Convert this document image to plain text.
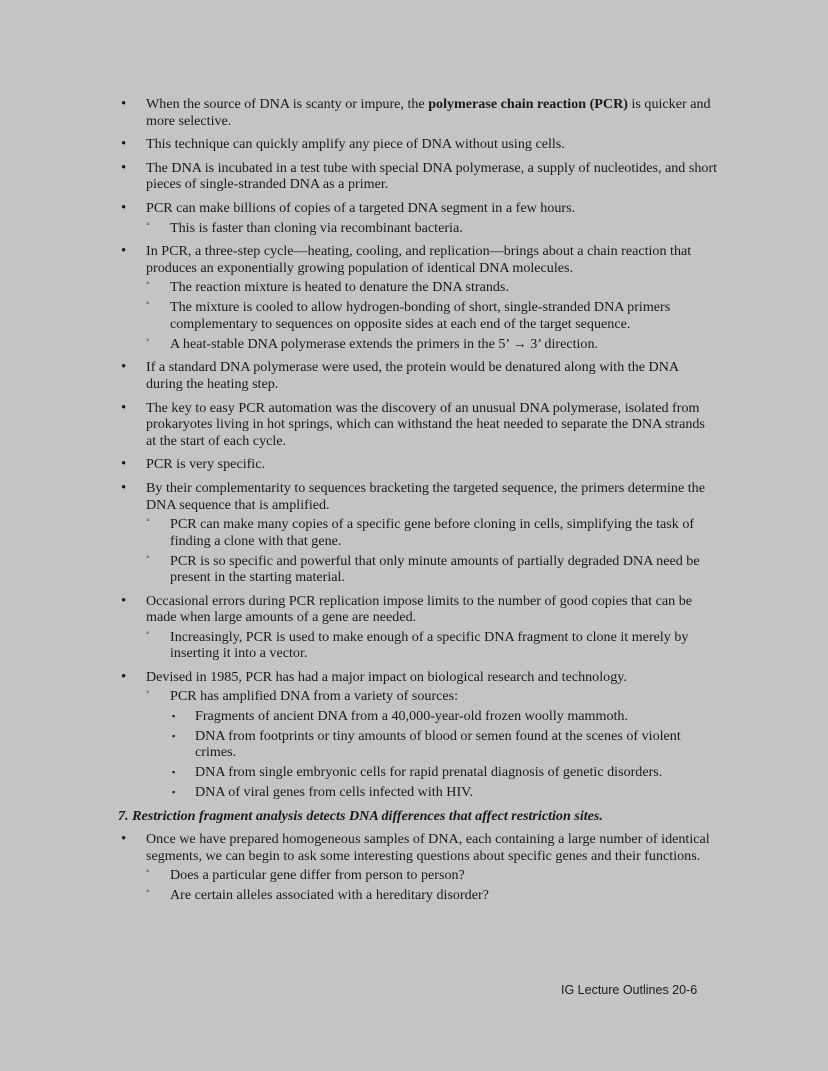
• When the source of DNA is scanty or impure, the polymerase chain reaction (PCR) is quicker and more selective.
• This technique can quickly amplify any piece of DNA without using cells.
• The DNA is incubated in a test tube with special DNA polymerase, a supply of nucleotides, and short pieces of single-stranded DNA as a primer.
• PCR can make billions of copies of a targeted DNA segment in a few hours.
◦ This is faster than cloning via recombinant bacteria.
• In PCR, a three-step cycle—heating, cooling, and replication—brings about a chain reaction that produces an exponentially growing population of identical DNA molecules.
◦ The reaction mixture is heated to denature the DNA strands.
◦ The mixture is cooled to allow hydrogen-bonding of short, single-stranded DNA primers complementary to sequences on opposite sides at each end of the target sequence.
◦ A heat-stable DNA polymerase extends the primers in the 5’ → 3’ direction.
• If a standard DNA polymerase were used, the protein would be denatured along with the DNA during the heating step.
• The key to easy PCR automation was the discovery of an unusual DNA polymerase, isolated from prokaryotes living in hot springs, which can withstand the heat needed to separate the DNA strands at the start of each cycle.
• PCR is very specific.
• By their complementarity to sequences bracketing the targeted sequence, the primers determine the DNA sequence that is amplified.
◦ PCR can make many copies of a specific gene before cloning in cells, simplifying the task of finding a clone with that gene.
◦ PCR is so specific and powerful that only minute amounts of partially degraded DNA need be present in the starting material.
• Occasional errors during PCR replication impose limits to the number of good copies that can be made when large amounts of a gene are needed.
◦ Increasingly, PCR is used to make enough of a specific DNA fragment to clone it merely by inserting it into a vector.
• Devised in 1985, PCR has had a major impact on biological research and technology.
◦ PCR has amplified DNA from a variety of sources:
▪ Fragments of ancient DNA from a 40,000-year-old frozen woolly mammoth.
▪ DNA from footprints or tiny amounts of blood or semen found at the scenes of violent crimes.
▪ DNA from single embryonic cells for rapid prenatal diagnosis of genetic disorders.
▪ DNA of viral genes from cells infected with HIV.
7. Restriction fragment analysis detects DNA differences that affect restriction sites.
• Once we have prepared homogeneous samples of DNA, each containing a large number of identical segments, we can begin to ask some interesting questions about specific genes and their functions.
◦ Does a particular gene differ from person to person?
◦ Are certain alleles associated with a hereditary disorder?
IG Lecture Outlines 20-6
